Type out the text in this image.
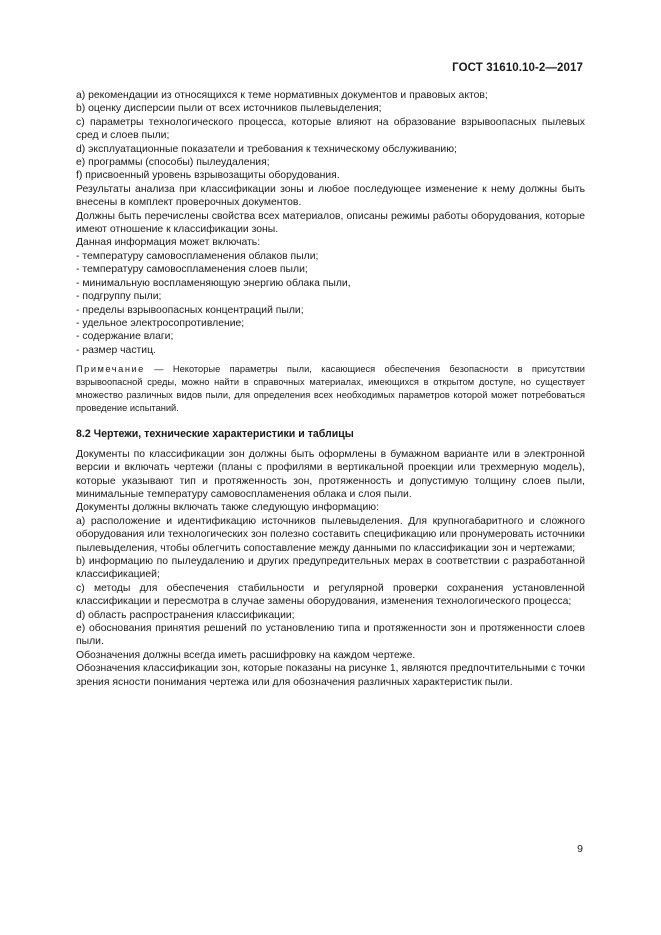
ГОСТ 31610.10-2—2017

a) рекомендации из относящихся к теме нормативных документов и правовых актов;

b) оценку дисперсии пыли от всех источников пылевыделения;

c) параметры технологического процесса, которые влияют на образование взрывоопасных пылевых сред и слоев пыли;

d) эксплуатационные показатели и требования к техническому обслуживанию;

e) программы (способы) пылеудаления;

f) присвоенный уровень взрывозащиты оборудования.

Результаты анализа при классификации зоны и любое последующее изменение к нему должны быть внесены в комплект проверочных документов.

Должны быть перечислены свойства всех материалов, описаны режимы работы оборудования, которые имеют отношение к классификации зоны.

Данная информация может включать:

- температуру самовоспламенения облаков пыли;

- температуру самовоспламенения слоев пыли;

- минимальную воспламеняющую энергию облака пыли,

- подгруппу пыли;

- пределы взрывоопасных концентраций пыли;

- удельное электросопротивление;

- содержание влаги;

- размер частиц.

Примечание — Некоторые параметры пыли, касающиеся обеспечения безопасности в присутствии взрывоопасной среды, можно найти в справочных материалах, имеющихся в открытом доступе, но существует множество различных видов пыли, для определения всех необходимых параметров которой может потребоваться проведение испытаний.

8.2 Чертежи, технические характеристики и таблицы

Документы по классификации зон должны быть оформлены в бумажном варианте или в электронной версии и включать чертежи (планы с профилями в вертикальной проекции или трехмерную модель), которые указывают тип и протяженность зон, протяженность и допустимую толщину слоев пыли, минимальные температуру самовоспламенения облака и слоя пыли.

Документы должны включать также следующую информацию:

a) расположение и идентификацию источников пылевыделения. Для крупногабаритного и сложного оборудования или технологических зон полезно составить спецификацию или пронумеровать источники пылевыделения, чтобы облегчить сопоставление между данными по классификации зон и чертежами;

b) информацию по пылеудалению и других предупредительных мерах в соответствии с разработанной классификацией;

c) методы для обеспечения стабильности и регулярной проверки сохранения установленной классификации и пересмотра в случае замены оборудования, изменения технологического процесса;

d) область распространения классификации;

e) обоснования принятия решений по установлению типа и протяженности зон и протяженности слоев пыли.

Обозначения должны всегда иметь расшифровку на каждом чертеже.

Обозначения классификации зон, которые показаны на рисунке 1, являются предпочтительными с точки зрения ясности понимания чертежа или для обозначения различных характеристик пыли.

9
